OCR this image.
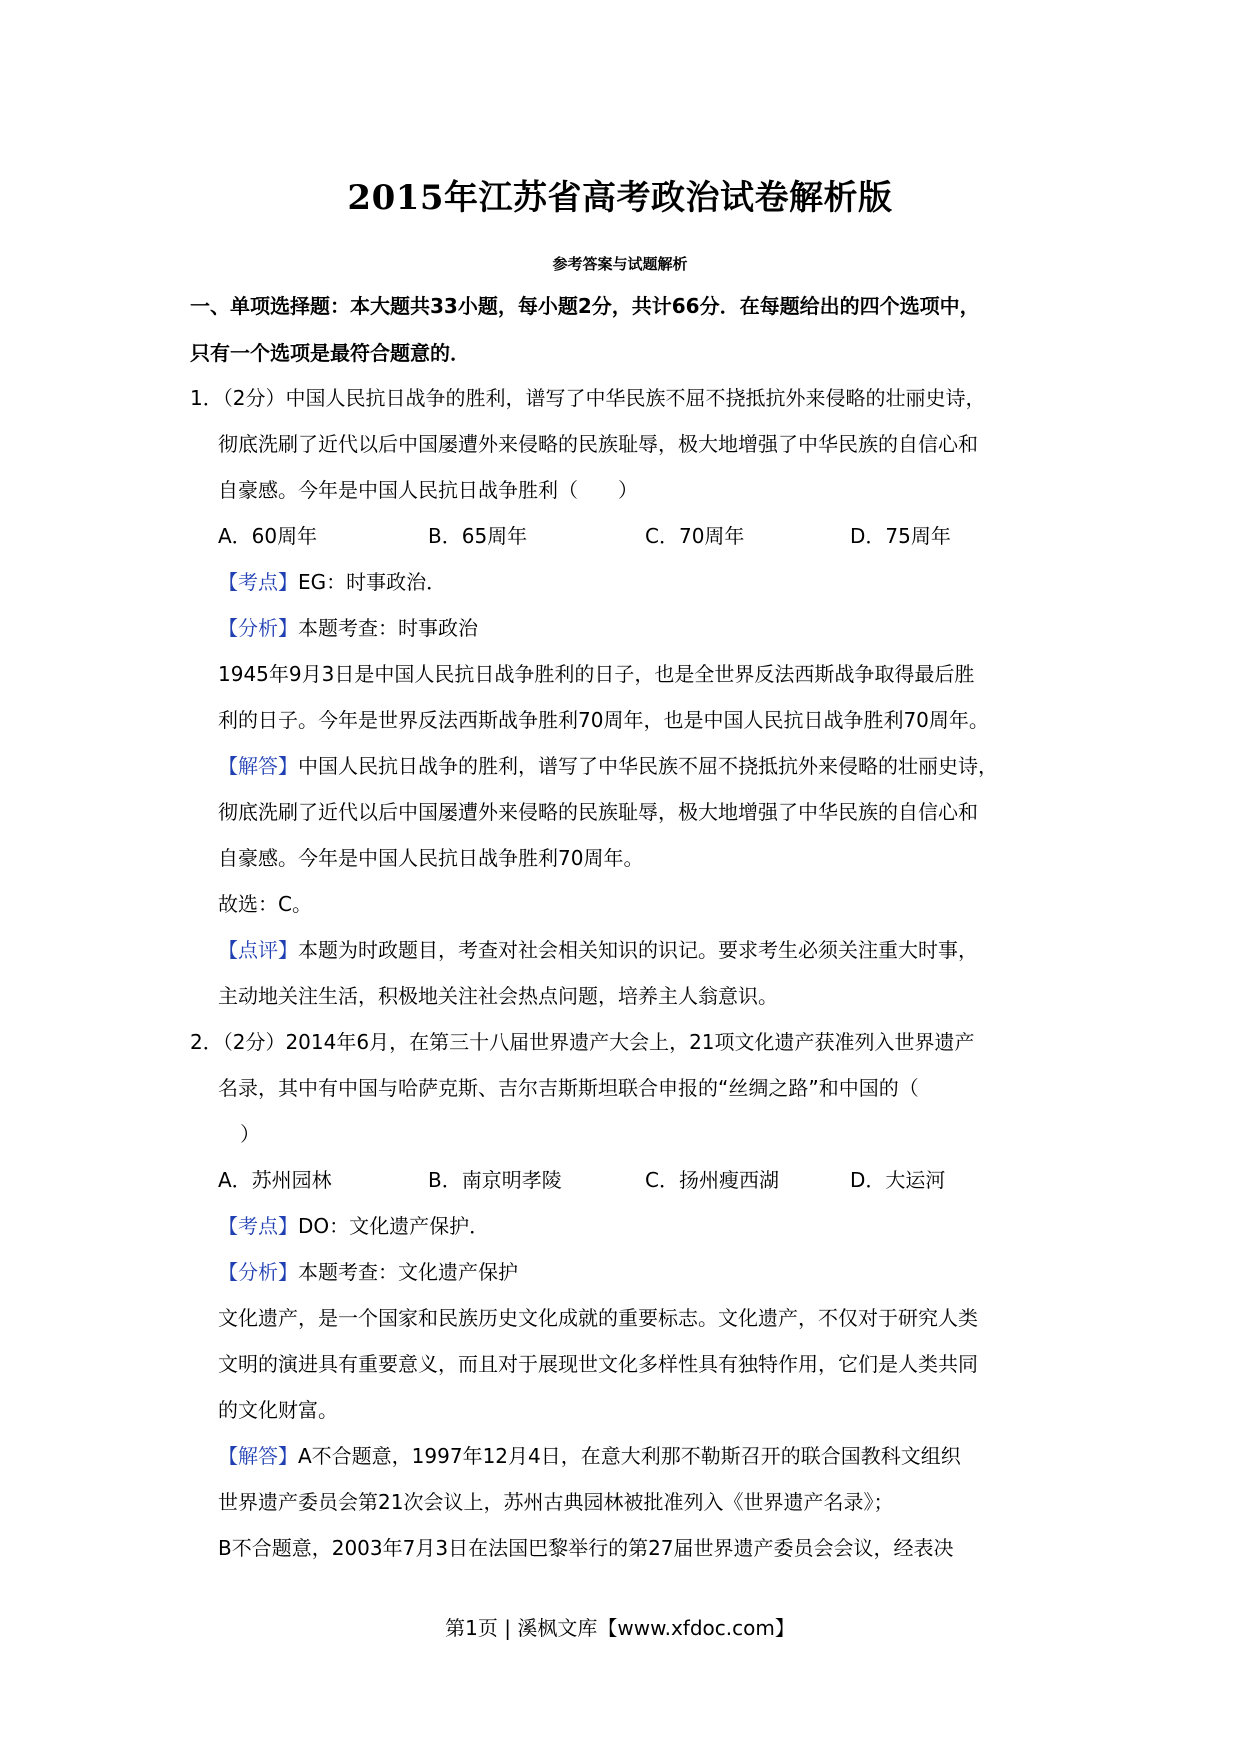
2015年江苏省高考政治试卷解析版
参考答案与试题解析
一、单项选择题：本大题共33小题，每小题2分，共计66分．在每题给出的四个选项中，
只有一个选项是最符合题意的．
1．（2分）中国人民抗日战争的胜利，谱写了中华民族不屈不挠抵抗外来侵略的壮丽史诗，
彻底洗刷了近代以后中国屡遭外来侵略的民族耻辱，极大地增强了中华民族的自信心和
自豪感。今年是中国人民抗日战争胜利（　　）
A．60周年	B．65周年	C．70周年	D．75周年
【考点】EG：时事政治．
【分析】本题考查：时事政治
1945年9月3日是中国人民抗日战争胜利的日子，也是全世界反法西斯战争取得最后胜
利的日子。今年是世界反法西斯战争胜利70周年，也是中国人民抗日战争胜利70周年。
【解答】中国人民抗日战争的胜利，谱写了中华民族不屈不挠抵抗外来侵略的壮丽史诗，
彻底洗刷了近代以后中国屡遭外来侵略的民族耻辱，极大地增强了中华民族的自信心和
自豪感。今年是中国人民抗日战争胜利70周年。
故选：C。
【点评】本题为时政题目，考查对社会相关知识的识记。要求考生必须关注重大时事，
主动地关注生活，积极地关注社会热点问题，培养主人翁意识。
2．（2分）2014年6月，在第三十八届世界遗产大会上，21项文化遗产获准列入世界遗产
名录，其中有中国与哈萨克斯、吉尔吉斯斯坦联合申报的“丝绸之路”和中国的（
）
A．苏州园林	B．南京明孝陵	C．扬州瘦西湖	D．大运河
【考点】DO：文化遗产保护．
【分析】本题考查：文化遗产保护
文化遗产，是一个国家和民族历史文化成就的重要标志。文化遗产，不仅对于研究人类
文明的演进具有重要意义，而且对于展现世文化多样性具有独特作用，它们是人类共同
的文化财富。
【解答】A不合题意，1997年12月4日，在意大利那不勒斯召开的联合国教科文组织
世界遗产委员会第21次会议上，苏州古典园林被批准列入《世界遗产名录》；
B不合题意，2003年7月3日在法国巴黎举行的第27届世界遗产委员会会议，经表决
第1页 | 溪枫文库【www.xfdoc.com】
